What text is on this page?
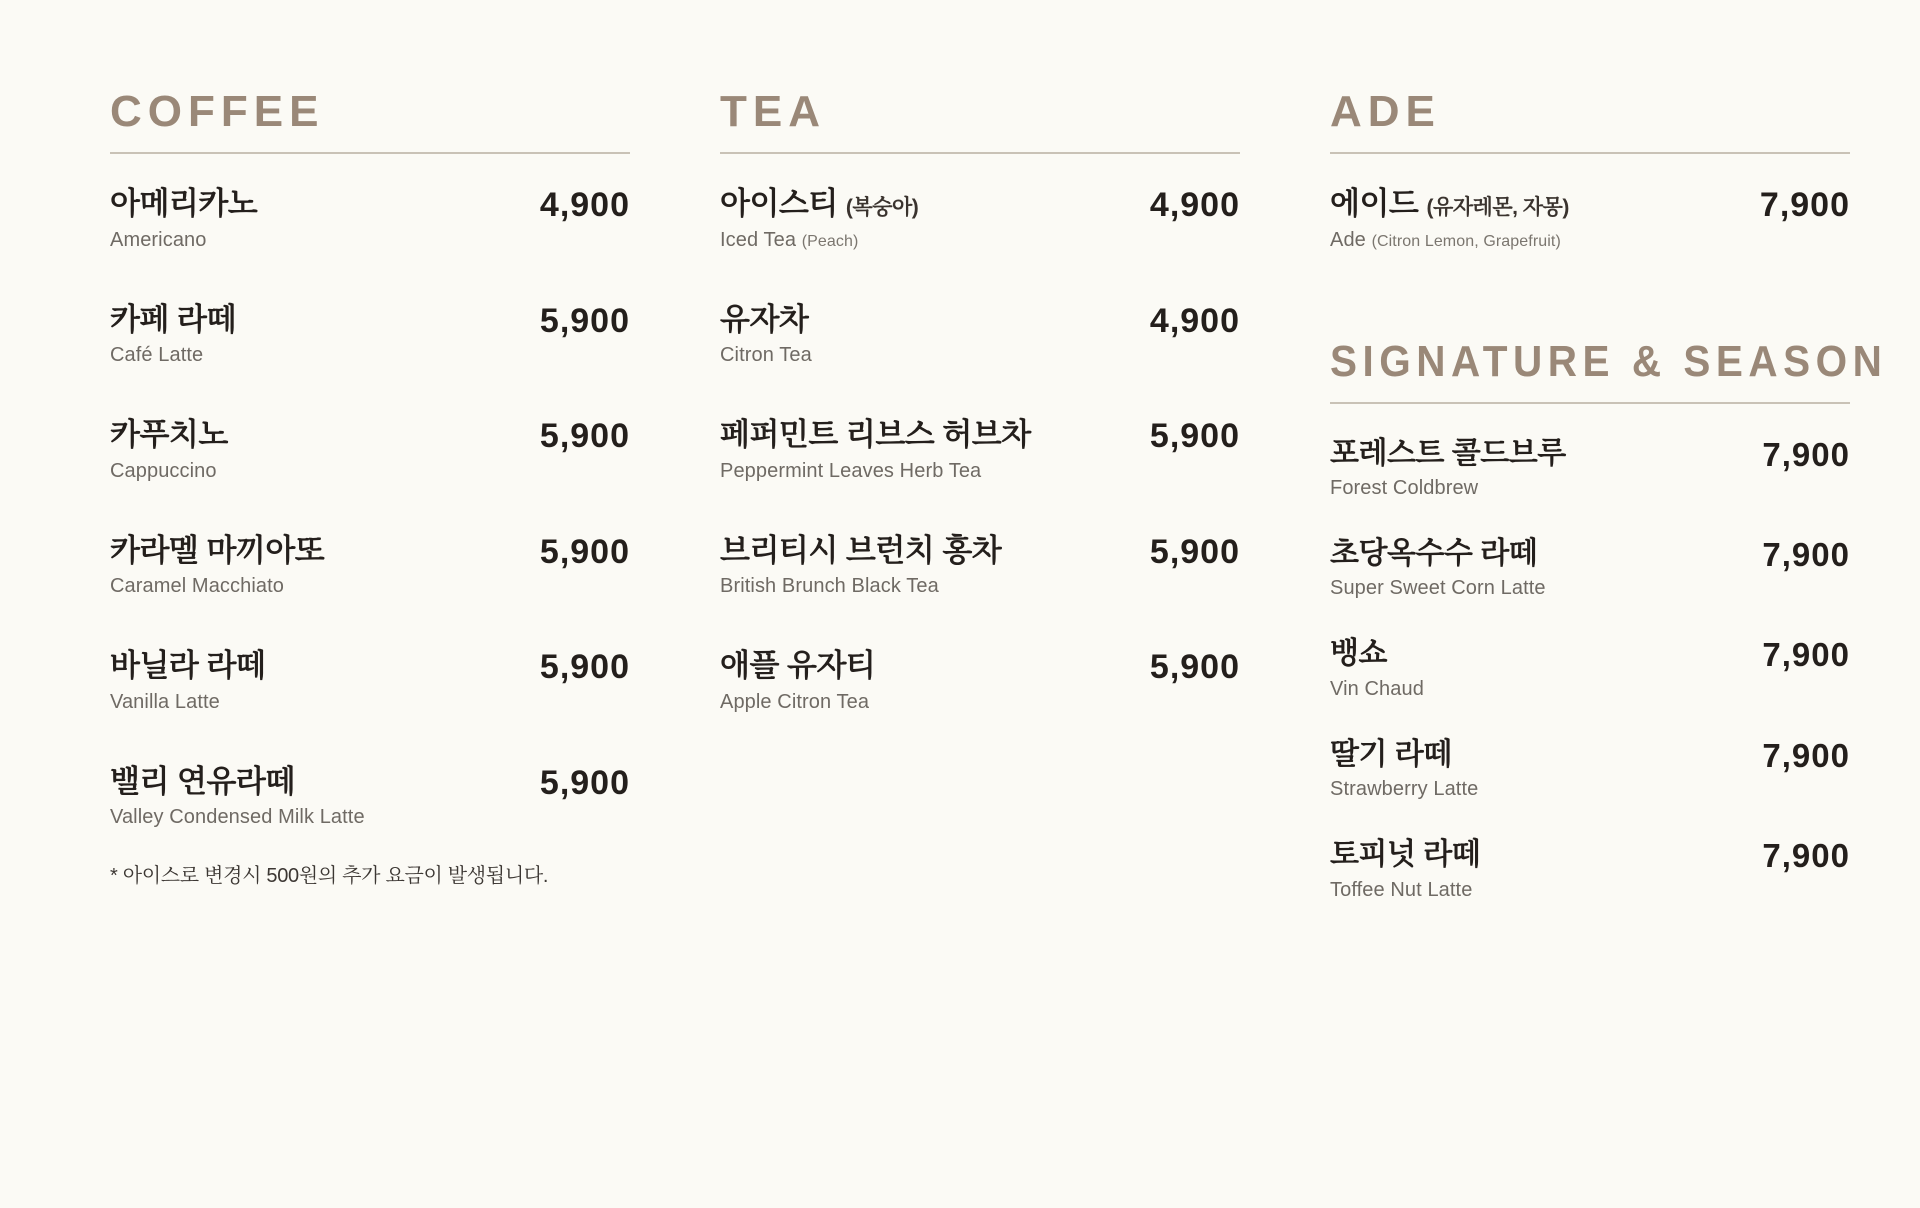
COFFEE
아메리카노
Americano
4,900
카페 라떼
Café Latte
5,900
카푸치노
Cappuccino
5,900
카라멜 마끼아또
Caramel Macchiato
5,900
바닐라 라떼
Vanilla Latte
5,900
밸리 연유라떼
Valley Condensed Milk Latte
5,900
* 아이스로 변경시 500원의 추가 요금이 발생됩니다.
TEA
아이스티 (복숭아)
Iced Tea (Peach)
4,900
유자차
Citron Tea
4,900
페퍼민트 리브스 허브차
Peppermint Leaves Herb Tea
5,900
브리티시 브런치 홍차
British Brunch Black Tea
5,900
애플 유자티
Apple Citron Tea
5,900
ADE
에이드 (유자레몬, 자몽)
Ade (Citron Lemon, Grapefruit)
7,900
SIGNATURE & SEASON
포레스트 콜드브루
Forest Coldbrew
7,900
초당옥수수 라떼
Super Sweet Corn Latte
7,900
뱅쇼
Vin Chaud
7,900
딸기 라떼
Strawberry Latte
7,900
토피넛 라떼
Toffee Nut Latte
7,900
